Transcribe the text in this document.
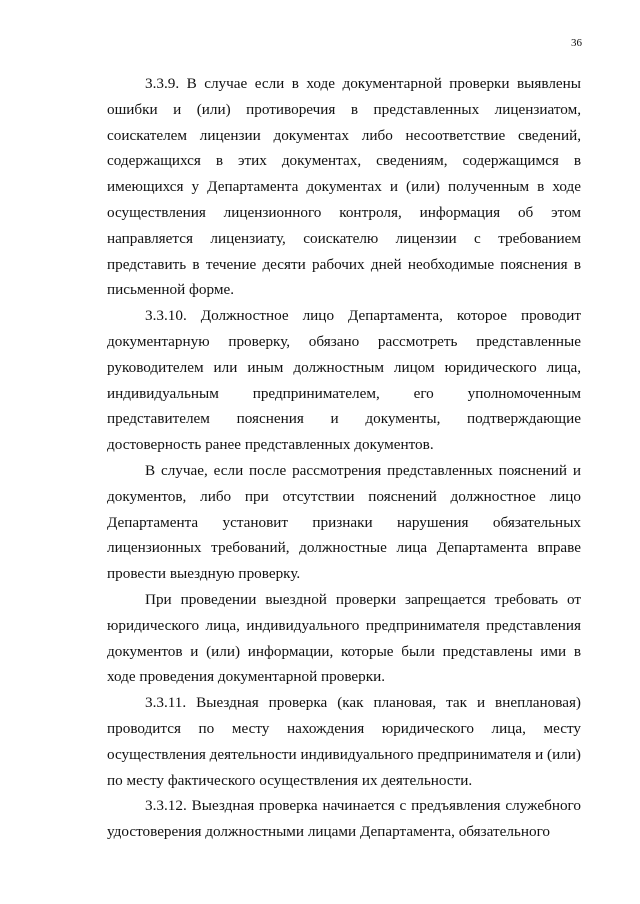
36

3.3.9. В случае если в ходе документарной проверки выявлены ошибки и (или) противоречия в представленных лицензиатом, соискателем лицензии документах либо несоответствие сведений, содержащихся в этих документах, сведениям, содержащимся в имеющихся у Департамента документах и (или) полученным в ходе осуществления лицензионного контроля, информация об этом направляется лицензиату, соискателю лицензии с требованием представить в течение десяти рабочих дней необходимые пояснения в письменной форме.

3.3.10. Должностное лицо Департамента, которое проводит документарную проверку, обязано рассмотреть представленные руководителем или иным должностным лицом юридического лица, индивидуальным предпринимателем, его уполномоченным представителем пояснения и документы, подтверждающие достоверность ранее представленных документов.

В случае, если после рассмотрения представленных пояснений и документов, либо при отсутствии пояснений должностное лицо Департамента установит признаки нарушения обязательных лицензионных требований, должностные лица Департамента вправе провести выездную проверку.

При проведении выездной проверки запрещается требовать от юридического лица, индивидуального предпринимателя представления документов и (или) информации, которые были представлены ими в ходе проведения документарной проверки.

3.3.11. Выездная проверка (как плановая, так и внеплановая) проводится по месту нахождения юридического лица, месту осуществления деятельности индивидуального предпринимателя и (или) по месту фактического осуществления их деятельности.

3.3.12. Выездная проверка начинается с предъявления служебного удостоверения должностными лицами Департамента, обязательного
